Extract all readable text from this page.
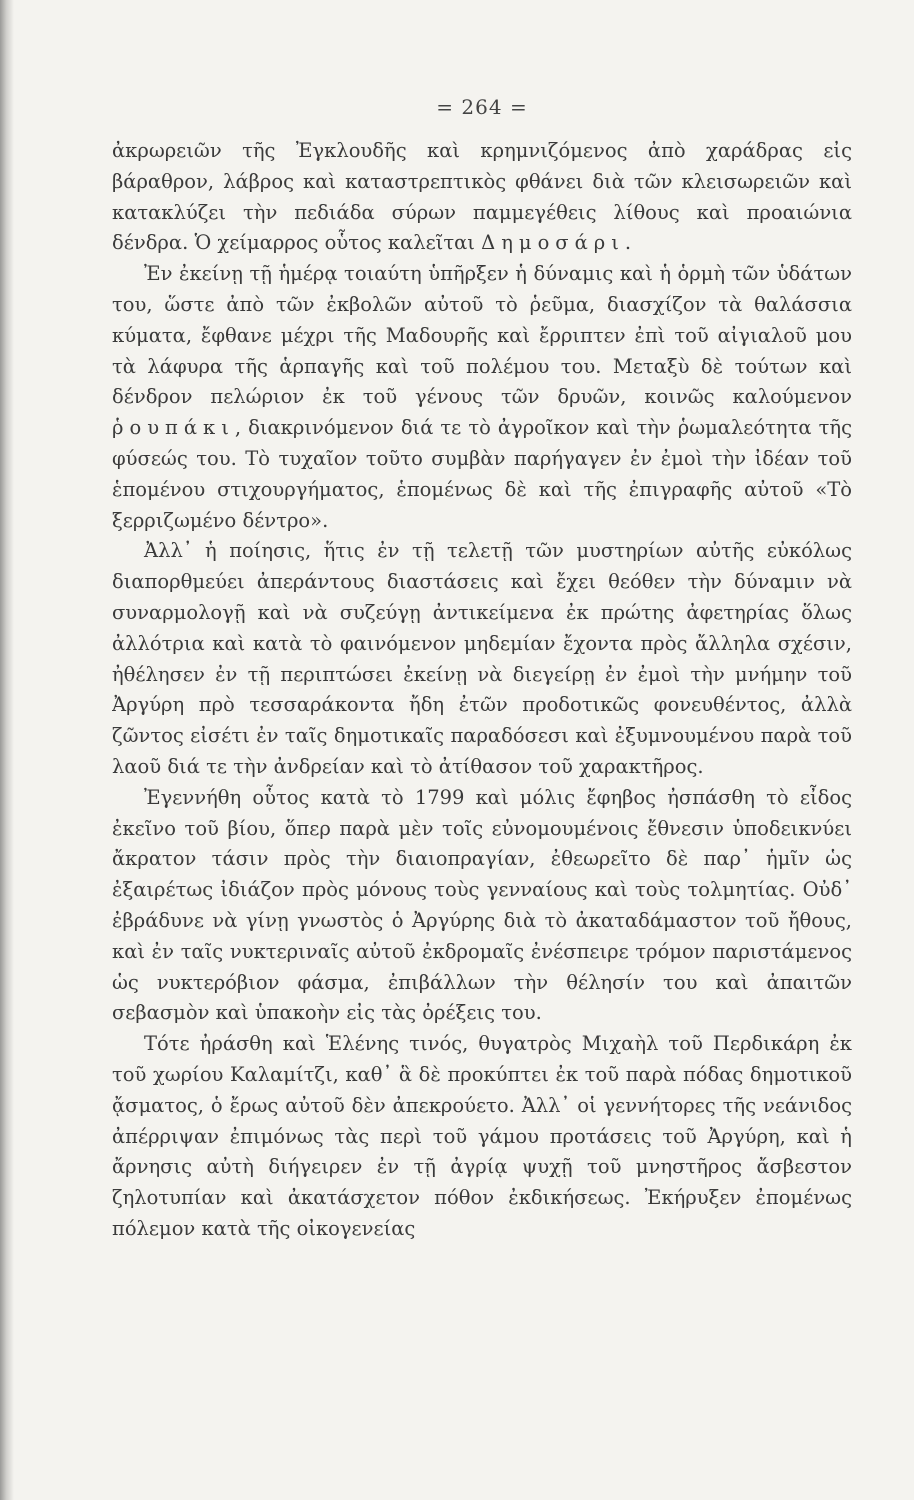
= 264 =

ἀκρωρειῶν τῆς Ἐγκλουδῆς καὶ κρημνιζόμενος ἀπὸ χαράδρας εἰς βάραθρον, λάβρος καὶ καταστρεπτικὸς φθάνει διὰ τῶν κλεισωρειῶν καὶ κατακλύζει τὴν πεδιάδα σύρων παμμεγέθεις λίθους καὶ προαιώνια δένδρα. Ὁ χείμαρρος οὗτος καλεῖται Δημοσάρι.

Ἐν ἐκείνῃ τῇ ἡμέρᾳ τοιαύτη ὑπῆρξεν ἡ δύναμις καὶ ἡ ὁρμὴ τῶν ὑδάτων του, ὥστε ἀπὸ τῶν ἐκβολῶν αὐτοῦ τὸ ῥεῦμα, διασχίζον τὰ θαλάσσια κύματα, ἔφθανε μέχρι τῆς Μαδουρῆς καὶ ἔρριπτεν ἐπὶ τοῦ αἰγιαλοῦ μου τὰ λάφυρα τῆς ἁρπαγῆς καὶ τοῦ πολέμου του. Μεταξὺ δὲ τούτων καὶ δένδρον πελώριον ἐκ τοῦ γένους τῶν δρυῶν, κοινῶς καλούμενον ῥουπάκι, διακρινόμενον διά τε τὸ ἀγροῖκον καὶ τὴν ῥωμαλεότητα τῆς φύσεώς του. Τὸ τυχαῖον τοῦτο συμβὰν παρήγαγεν ἐν ἐμοὶ τὴν ἰδέαν τοῦ ἑπομένου στιχουργήματος, ἑπομένως δὲ καὶ τῆς ἐπιγραφῆς αὐτοῦ «Τὸ ξερριζωμένο δέντρο».

Ἀλλ᾽ ἡ ποίησις, ἥτις ἐν τῇ τελετῇ τῶν μυστηρίων αὐτῆς εὐκόλως διαπορθμεύει ἀπεράντους διαστάσεις καὶ ἔχει θεόθεν τὴν δύναμιν νὰ συναρμολογῇ καὶ νὰ συζεύγῃ ἀντικείμενα ἐκ πρώτης ἀφετηρίας ὅλως ἀλλότρια καὶ κατὰ τὸ φαινόμενον μηδεμίαν ἔχοντα πρὸς ἄλληλα σχέσιν, ἠθέλησεν ἐν τῇ περιπτώσει ἐκείνῃ νὰ διεγείρῃ ἐν ἐμοὶ τὴν μνήμην τοῦ Ἀργύρη πρὸ τεσσαράκοντα ἤδη ἐτῶν προδοτικῶς φονευθέντος, ἀλλὰ ζῶντος εἰσέτι ἐν ταῖς δημοτικαῖς παραδόσεσι καὶ ἐξυμνουμένου παρὰ τοῦ λαοῦ διά τε τὴν ἀνδρείαν καὶ τὸ ἀτίθασον τοῦ χαρακτῆρος.

Ἐγεννήθη οὗτος κατὰ τὸ 1799 καὶ μόλις ἔφηβος ἠσπάσθη τὸ εἶδος ἐκεῖνο τοῦ βίου, ὅπερ παρὰ μὲν τοῖς εὐνομουμένοις ἔθνεσιν ὑποδεικνύει ἄκρατον τάσιν πρὸς τὴν διαιοπραγίαν, ἐθεωρεῖτο δὲ παρ᾽ ἡμῖν ὡς ἐξαιρέτως ἰδιάζον πρὸς μόνους τοὺς γενναίους καὶ τοὺς τολμητίας. Οὐδ᾽ ἐβράδυνε νὰ γίνῃ γνωστὸς ὁ Ἀργύρης διὰ τὸ ἀκαταδάμαστον τοῦ ἤθους, καὶ ἐν ταῖς νυκτεριναῖς αὐτοῦ ἐκδρομαῖς ἐνέσπειρε τρόμον παριστάμενος ὡς νυκτερόβιον φάσμα, ἐπιβάλλων τὴν θέλησίν του καὶ ἀπαιτῶν σεβασμὸν καὶ ὑπακοὴν εἰς τὰς ὀρέξεις του.

Τότε ἠράσθη καὶ Ἑλένης τινός, θυγατρὸς Μιχαὴλ τοῦ Περδικάρη ἐκ τοῦ χωρίου Καλαμίτζι, καθ᾽ ἃ δὲ προκύπτει ἐκ τοῦ παρὰ πόδας δημοτικοῦ ᾄσματος, ὁ ἔρως αὐτοῦ δὲν ἀπεκρούετο. Ἀλλ᾽ οἱ γεννήτορες τῆς νεάνιδος ἀπέρριψαν ἐπιμόνως τὰς περὶ τοῦ γάμου προτάσεις τοῦ Ἀργύρη, καὶ ἡ ἄρνησις αὐτὴ διήγειρεν ἐν τῇ ἀγρίᾳ ψυχῇ τοῦ μνηστῆρος ἄσβεστον ζηλοτυπίαν καὶ ἀκατάσχετον πόθον ἐκδικήσεως. Ἐκήρυξεν ἐπομένως πόλεμον κατὰ τῆς οἰκογενείας
